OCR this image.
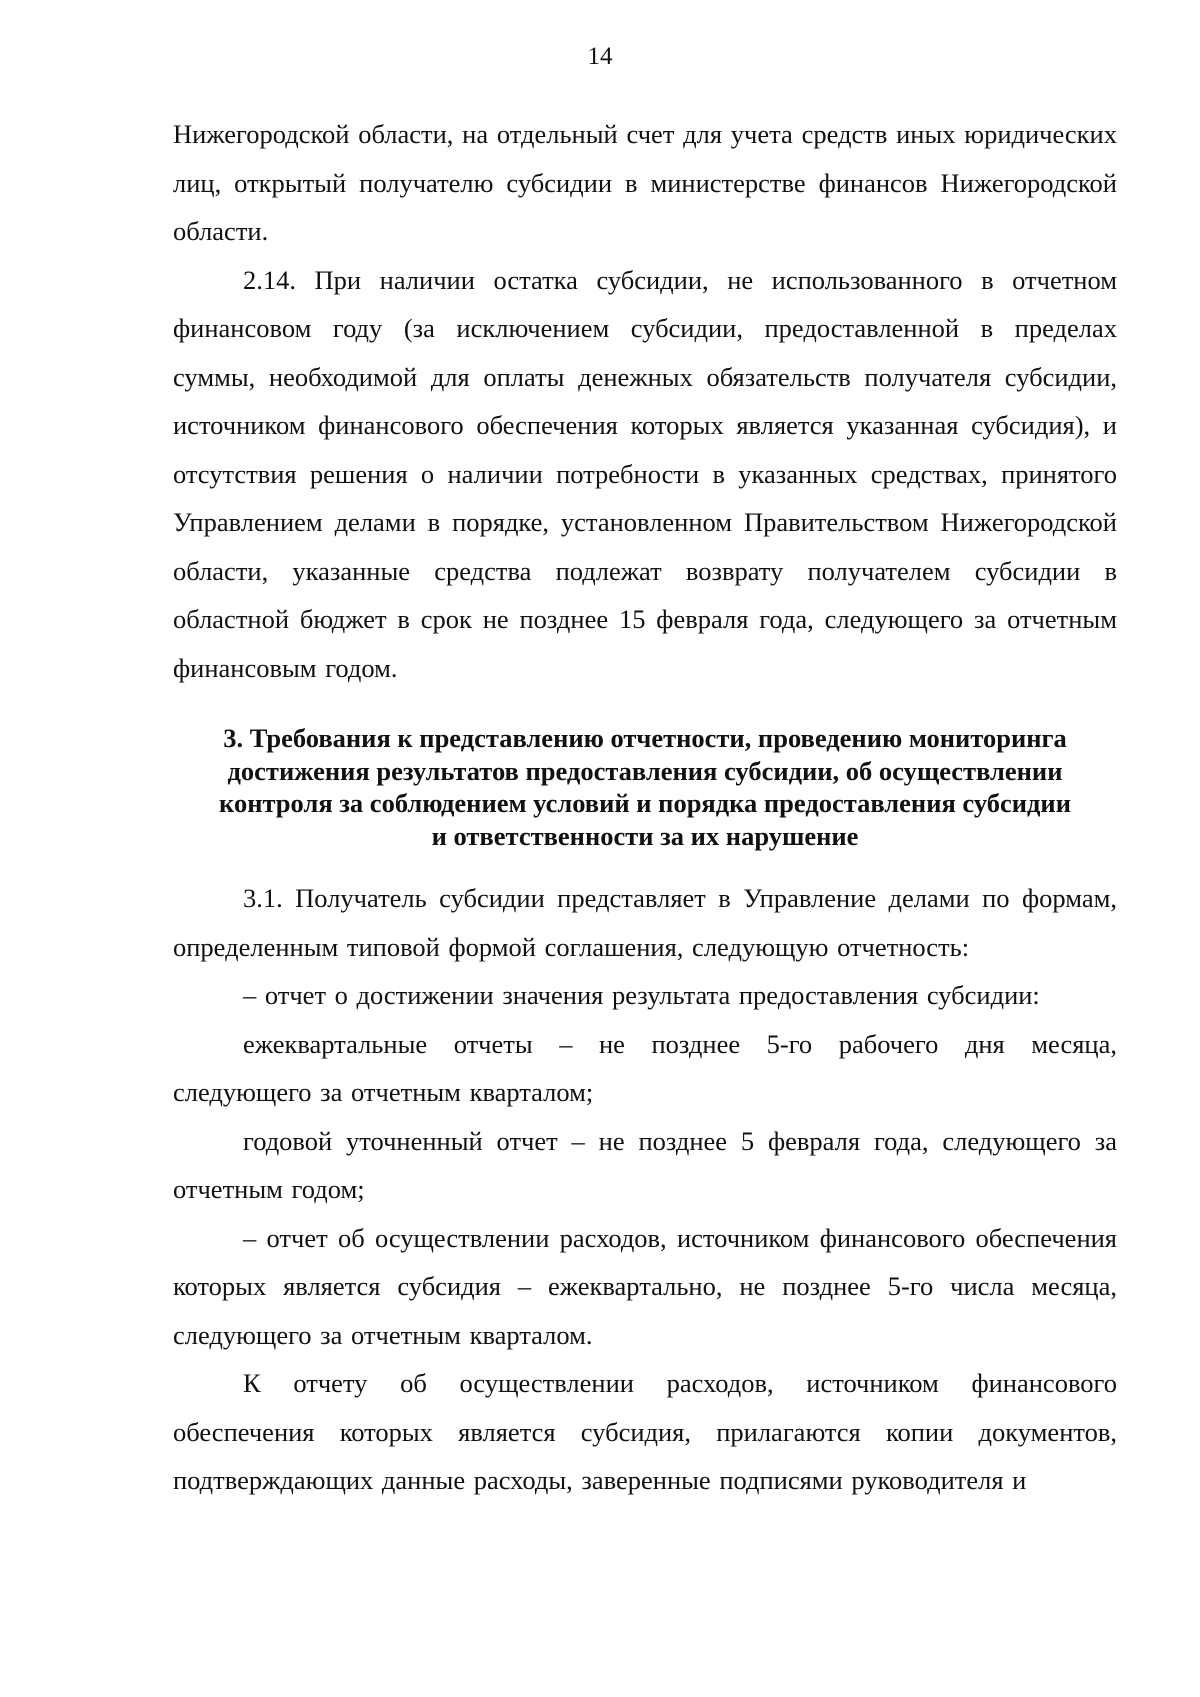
14

Нижегородской области, на отдельный счет для учета средств иных юридических лиц, открытый получателю субсидии в министерстве финансов Нижегородской области.

2.14. При наличии остатка субсидии, не использованного в отчетном финансовом году (за исключением субсидии, предоставленной в пределах суммы, необходимой для оплаты денежных обязательств получателя субсидии, источником финансового обеспечения которых является указанная субсидия), и отсутствия решения о наличии потребности в указанных средствах, принятого Управлением делами в порядке, установленном Правительством Нижегородской области, указанные средства подлежат возврату получателем субсидии в областной бюджет в срок не позднее 15 февраля года, следующего за отчетным финансовым годом.

3. Требования к представлению отчетности, проведению мониторинга
достижения результатов предоставления субсидии, об осуществлении
контроля за соблюдением условий и порядка предоставления субсидии
и ответственности за их нарушение

3.1. Получатель субсидии представляет в Управление делами по формам, определенным типовой формой соглашения, следующую отчетность:

– отчет о достижении значения результата предоставления субсидии:

ежеквартальные отчеты – не позднее 5-го рабочего дня месяца, следующего за отчетным кварталом;

годовой уточненный отчет – не позднее 5 февраля года, следующего за отчетным годом;

– отчет об осуществлении расходов, источником финансового обеспечения которых является субсидия – ежеквартально, не позднее 5-го числа месяца, следующего за отчетным кварталом.

К отчету об осуществлении расходов, источником финансового обеспечения которых является субсидия, прилагаются копии документов, подтверждающих данные расходы, заверенные подписями руководителя и
